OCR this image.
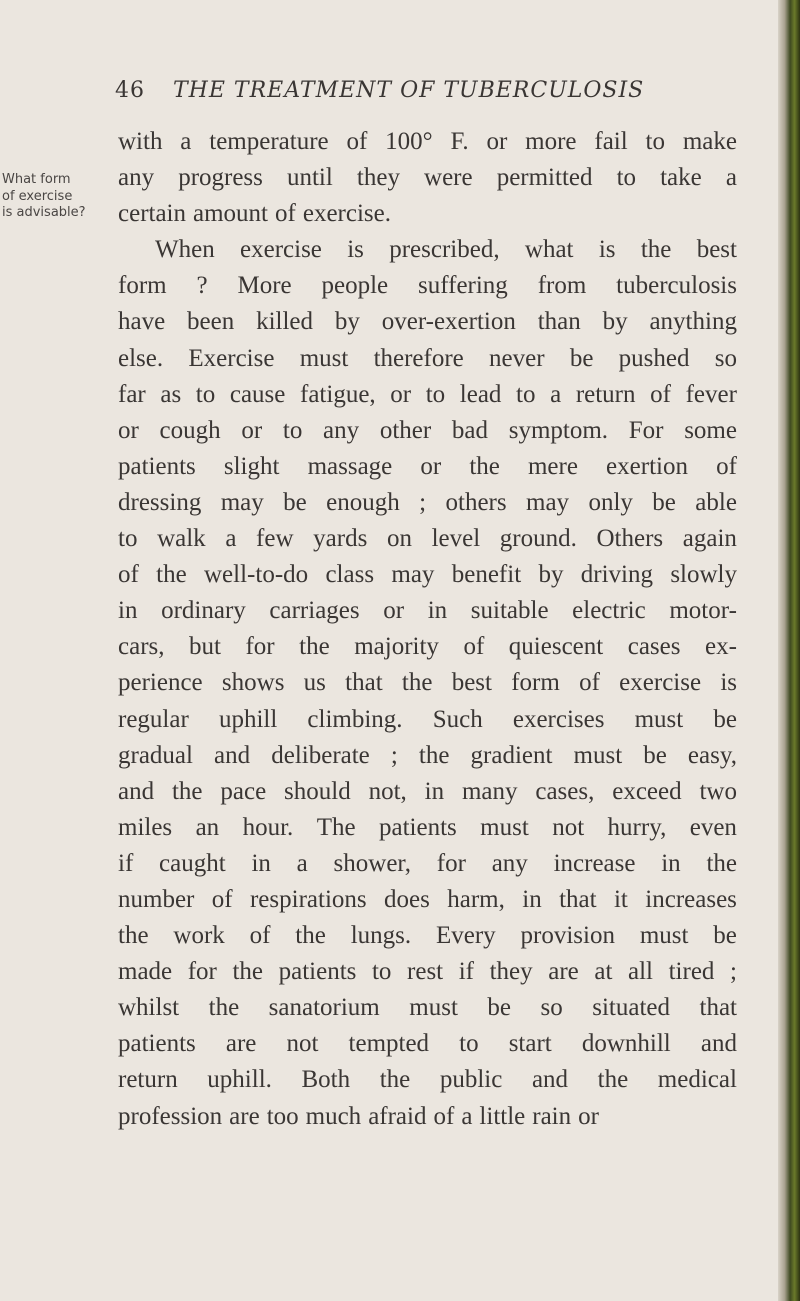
46 THE TREATMENT OF TUBERCULOSIS
What form
of exercise
is advisable?
with a temperature of 100° F. or more fail to make
any progress until they were permitted to take a
certain amount of exercise.
When exercise is prescribed, what is the best
form ? More people suffering from tuberculosis
have been killed by over-exertion than by anything
else. Exercise must therefore never be pushed so
far as to cause fatigue, or to lead to a return of fever
or cough or to any other bad symptom. For some
patients slight massage or the mere exertion of
dressing may be enough ; others may only be able
to walk a few yards on level ground. Others again
of the well-to-do class may benefit by driving slowly
in ordinary carriages or in suitable electric motor-
cars, but for the majority of quiescent cases ex-
perience shows us that the best form of exercise is
regular uphill climbing. Such exercises must be
gradual and deliberate ; the gradient must be easy,
and the pace should not, in many cases, exceed two
miles an hour. The patients must not hurry, even
if caught in a shower, for any increase in the
number of respirations does harm, in that it increases
the work of the lungs. Every provision must be
made for the patients to rest if they are at all tired ;
whilst the sanatorium must be so situated that
patients are not tempted to start downhill and
return uphill. Both the public and the medical
profession are too much afraid of a little rain or
